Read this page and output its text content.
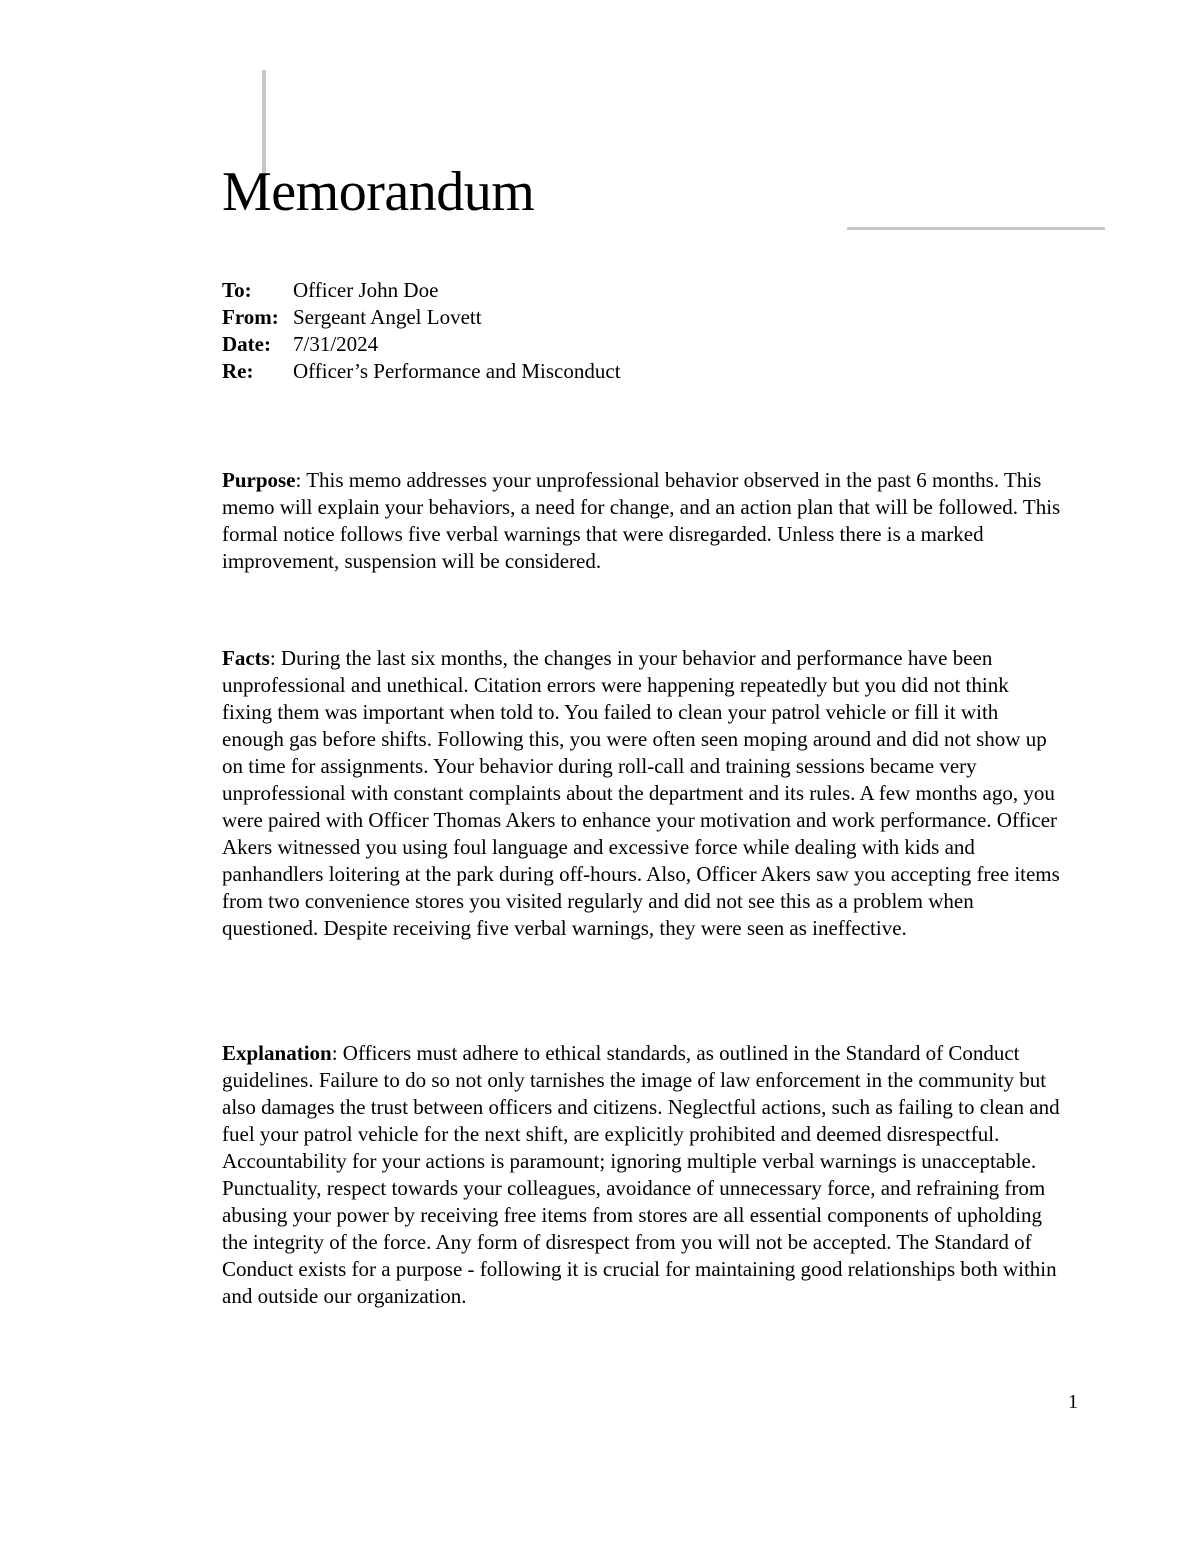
Memorandum
To:	Officer John Doe
From: Sergeant Angel Lovett
Date:	7/31/2024
Re:	Officer’s Performance and Misconduct

Purpose: This memo addresses your unprofessional behavior observed in the past 6 months. This memo will explain your behaviors, a need for change, and an action plan that will be followed. This formal notice follows five verbal warnings that were disregarded. Unless there is a marked improvement, suspension will be considered.

Facts: During the last six months, the changes in your behavior and performance have been unprofessional and unethical. Citation errors were happening repeatedly but you did not think fixing them was important when told to. You failed to clean your patrol vehicle or fill it with enough gas before shifts. Following this, you were often seen moping around and did not show up on time for assignments. Your behavior during roll-call and training sessions became very unprofessional with constant complaints about the department and its rules. A few months ago, you were paired with Officer Thomas Akers to enhance your motivation and work performance. Officer Akers witnessed you using foul language and excessive force while dealing with kids and panhandlers loitering at the park during off-hours. Also, Officer Akers saw you accepting free items from two convenience stores you visited regularly and did not see this as a problem when questioned. Despite receiving five verbal warnings, they were seen as ineffective.

Explanation: Officers must adhere to ethical standards, as outlined in the Standard of Conduct guidelines. Failure to do so not only tarnishes the image of law enforcement in the community but also damages the trust between officers and citizens. Neglectful actions, such as failing to clean and fuel your patrol vehicle for the next shift, are explicitly prohibited and deemed disrespectful. Accountability for your actions is paramount; ignoring multiple verbal warnings is unacceptable. Punctuality, respect towards your colleagues, avoidance of unnecessary force, and refraining from abusing your power by receiving free items from stores are all essential components of upholding the integrity of the force. Any form of disrespect from you will not be accepted. The Standard of Conduct exists for a purpose - following it is crucial for maintaining good relationships both within and outside our organization.

1
